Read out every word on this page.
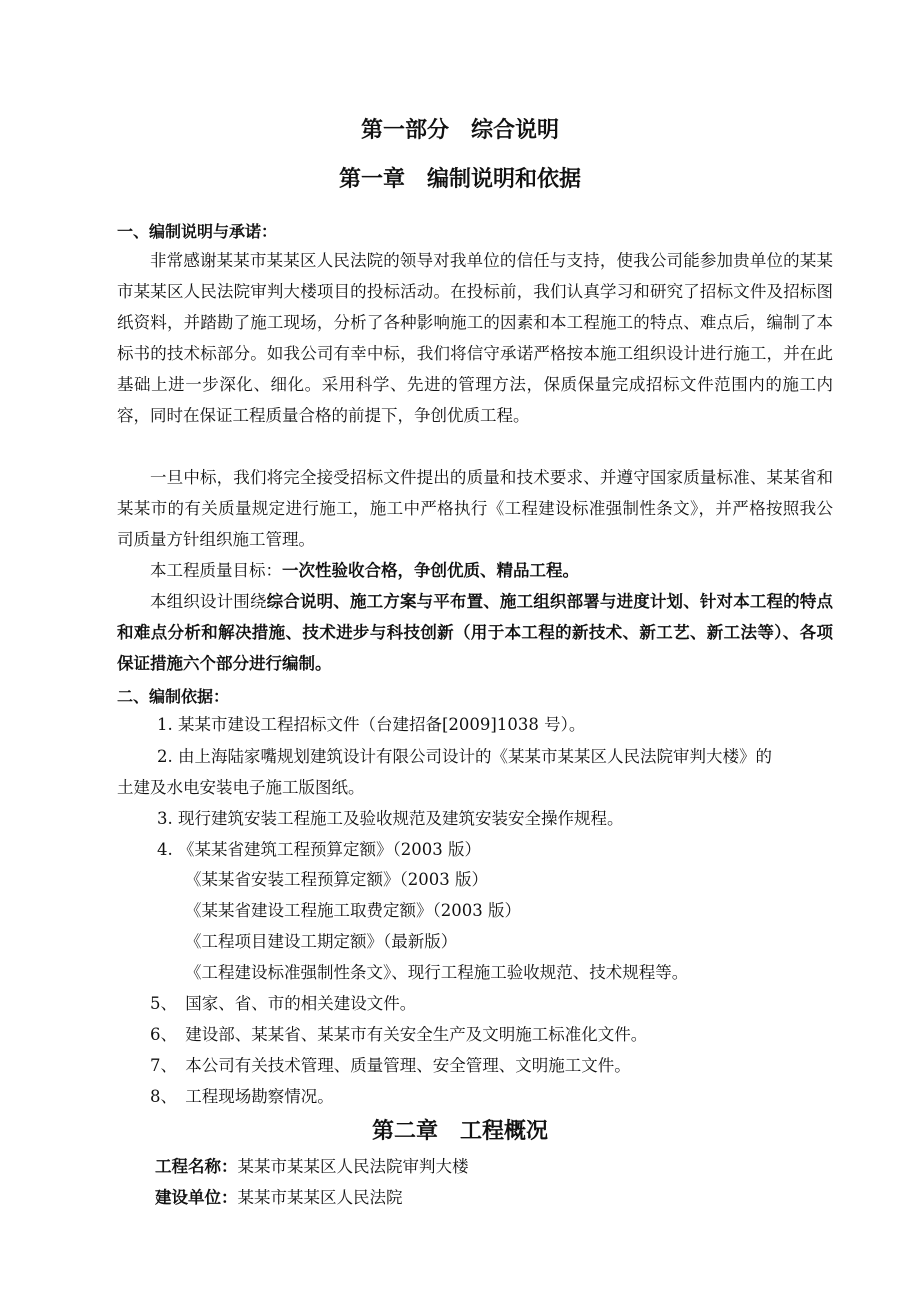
第一部分　综合说明
第一章　编制说明和依据
一、编制说明与承诺：

非常感谢某某市某某区人民法院的领导对我单位的信任与支持，使我公司能参加贵单位的某某市某某区人民法院审判大楼项目的投标活动。在投标前，我们认真学习和研究了招标文件及招标图纸资料，并踏勘了施工现场，分析了各种影响施工的因素和本工程施工的特点、难点后，编制了本标书的技术标部分。如我公司有幸中标，我们将信守承诺严格按本施工组织设计进行施工，并在此基础上进一步深化、细化。采用科学、先进的管理方法，保质保量完成招标文件范围内的施工内容，同时在保证工程质量合格的前提下，争创优质工程。

一旦中标，我们将完全接受招标文件提出的质量和技术要求、并遵守国家质量标准、某某省和某某市的有关质量规定进行施工，施工中严格执行《工程建设标准强制性条文》，并严格按照我公司质量方针组织施工管理。

本工程质量目标：一次性验收合格，争创优质、精品工程。

本组织设计围绕综合说明、施工方案与平布置、施工组织部署与进度计划、针对本工程的特点和难点分析和解决措施、技术进步与科技创新（用于本工程的新技术、新工艺、新工法等）、各项保证措施六个部分进行编制。

二、编制依据：
1. 某某市建设工程招标文件（台建招备[2009]1038 号）。
2. 由上海陆家嘴规划建筑设计有限公司设计的《某某市某某区人民法院审判大楼》的
土建及水电安装电子施工版图纸。
3. 现行建筑安装工程施工及验收规范及建筑安装安全操作规程。
4. 《某某省建筑工程预算定额》（2003 版）
《某某省安装工程预算定额》（2003 版）
《某某省建设工程施工取费定额》（2003 版）
《工程项目建设工期定额》（最新版）
《工程建设标准强制性条文》、现行工程施工验收规范、技术规程等。
5、　国家、省、市的相关建设文件。
6、　建设部、某某省、某某市有关安全生产及文明施工标准化文件。
7、　本公司有关技术管理、质量管理、安全管理、文明施工文件。
8、　工程现场勘察情况。
第二章　工程概况
工程名称：某某市某某区人民法院审判大楼
建设单位：某某市某某区人民法院
